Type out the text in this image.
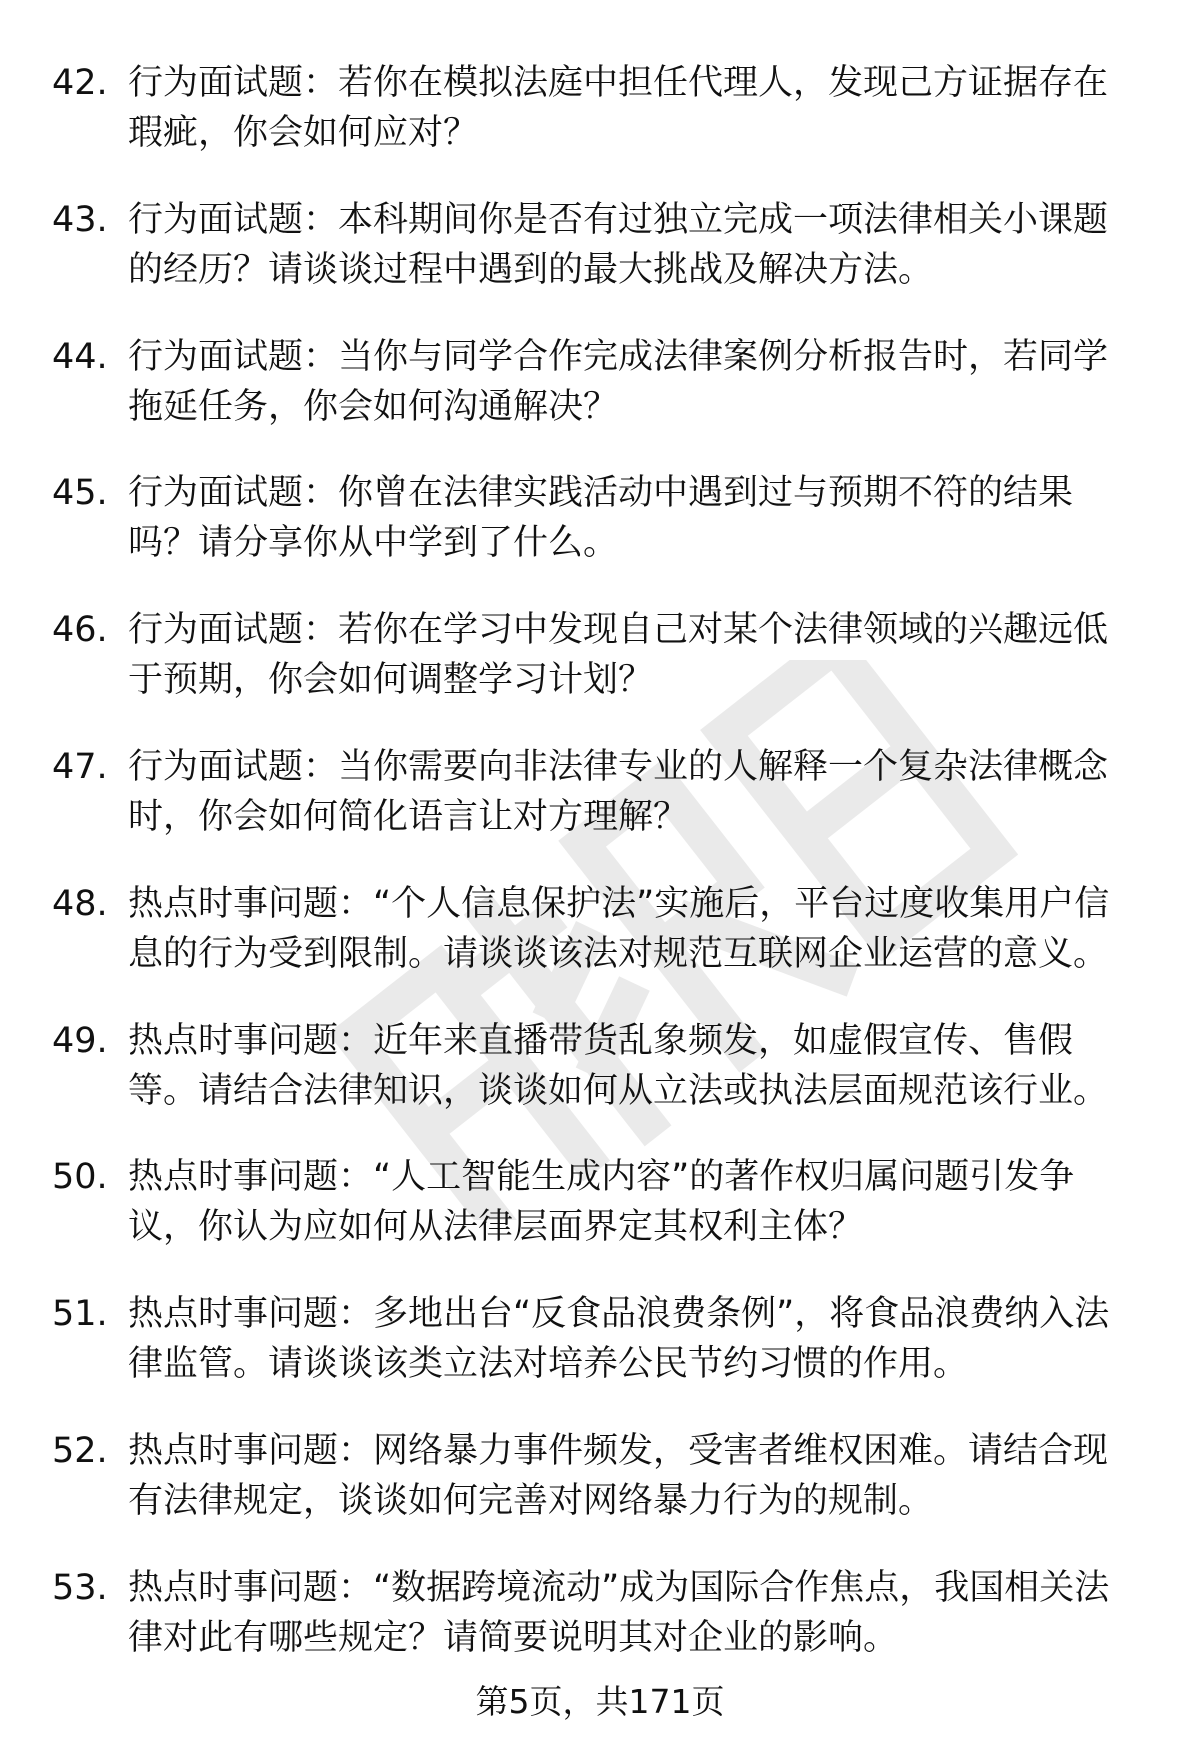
42. 行为面试题：若你在模拟法庭中担任代理人，发现己方证据存在瑕疵，你会如何应对？
43. 行为面试题：本科期间你是否有过独立完成一项法律相关小课题的经历？请谈谈过程中遇到的最大挑战及解决方法。
44. 行为面试题：当你与同学合作完成法律案例分析报告时，若同学拖延任务，你会如何沟通解决？
45. 行为面试题：你曾在法律实践活动中遇到过与预期不符的结果吗？请分享你从中学到了什么。
46. 行为面试题：若你在学习中发现自己对某个法律领域的兴趣远低于预期，你会如何调整学习计划？
47. 行为面试题：当你需要向非法律专业的人解释一个复杂法律概念时，你会如何简化语言让对方理解？
48. 热点时事问题：“个人信息保护法”实施后，平台过度收集用户信息的行为受到限制。请谈谈该法对规范互联网企业运营的意义。
49. 热点时事问题：近年来直播带货乱象频发，如虚假宣传、售假等。请结合法律知识，谈谈如何从立法或执法层面规范该行业。
50. 热点时事问题：“人工智能生成内容”的著作权归属问题引发争议，你认为应如何从法律层面界定其权利主体？
51. 热点时事问题：多地出台“反食品浪费条例”，将食品浪费纳入法律监管。请谈谈该类立法对培养公民节约习惯的作用。
52. 热点时事问题：网络暴力事件频发，受害者维权困难。请结合现有法律规定，谈谈如何完善对网络暴力行为的规制。
53. 热点时事问题：“数据跨境流动”成为国际合作焦点，我国相关法律对此有哪些规定？请简要说明其对企业的影响。
第5页，共171页
